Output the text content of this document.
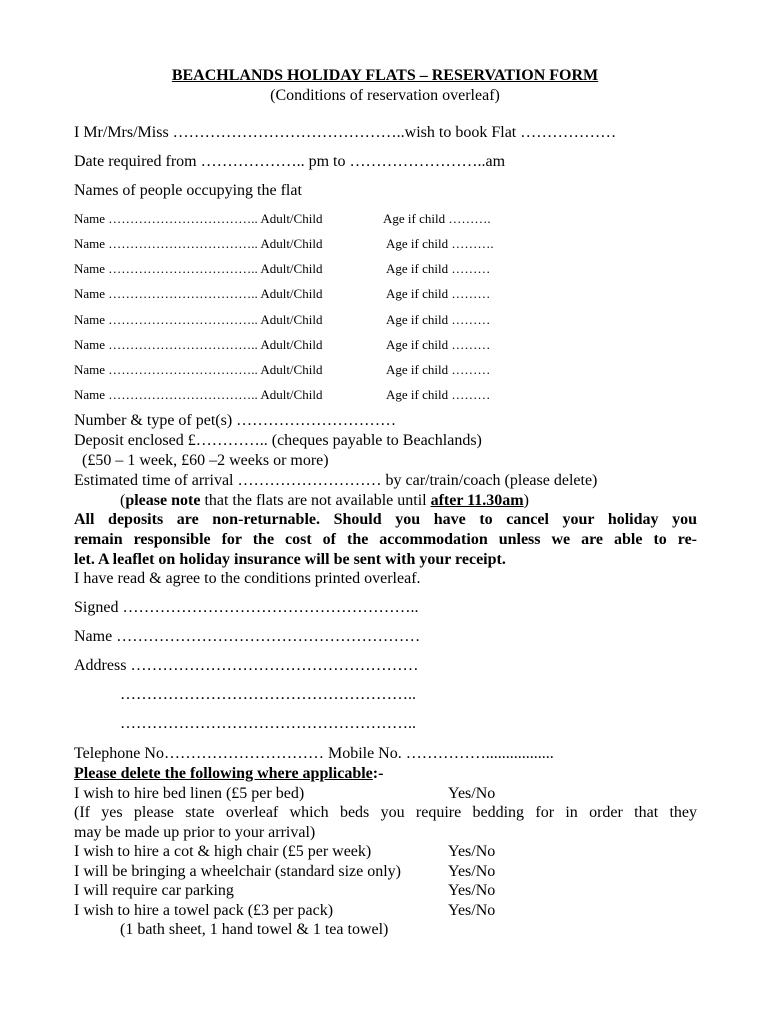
BEACHLANDS HOLIDAY FLATS – RESERVATION FORM
(Conditions of reservation overleaf)
I Mr/Mrs/Miss ……………………………………..wish to book Flat ………………
Date required from ……………….. pm to ……………………..am
Names of people occupying the flat
Name …………………………….. Adult/Child	Age if child ……….
Name …………………………….. Adult/Child	Age if child ……….
Name …………………………….. Adult/Child	Age if child ………
Name …………………………….. Adult/Child	Age if child ………
Name …………………………….. Adult/Child	Age if child ………
Name …………………………….. Adult/Child	Age if child ………
Name …………………………….. Adult/Child	Age if child ………
Name …………………………….. Adult/Child	Age if child ………
Number & type of pet(s) …………………………
Deposit enclosed £………….. (cheques payable to Beachlands)
(£50 – 1 week, £60 –2 weeks or more)
Estimated time of arrival ……………………… by car/train/coach (please delete)
(please note that the flats are not available until after 11.30am)
All deposits are non-returnable. Should you have to cancel your holiday you
remain responsible for the cost of the accommodation unless we are able to re-
let. A leaflet on holiday insurance will be sent with your receipt.
I have read & agree to the conditions printed overleaf.
Signed ………………………………………………..
Name …………………………………………………
Address ………………………………………………
………………………………………………..
………………………………………………..
Telephone No………………………… Mobile No. …………….................
Please delete the following where applicable:-
I wish to hire bed linen (£5 per bed)	Yes/No
(If yes please state overleaf which beds you require bedding for in order that they
may be made up prior to your arrival)
I wish to hire a cot & high chair (£5 per week)	Yes/No
I will be bringing a wheelchair (standard size only)	Yes/No
I will require car parking	Yes/No
I wish to hire a towel pack (£3 per pack)	Yes/No
(1 bath sheet, 1 hand towel & 1 tea towel)
